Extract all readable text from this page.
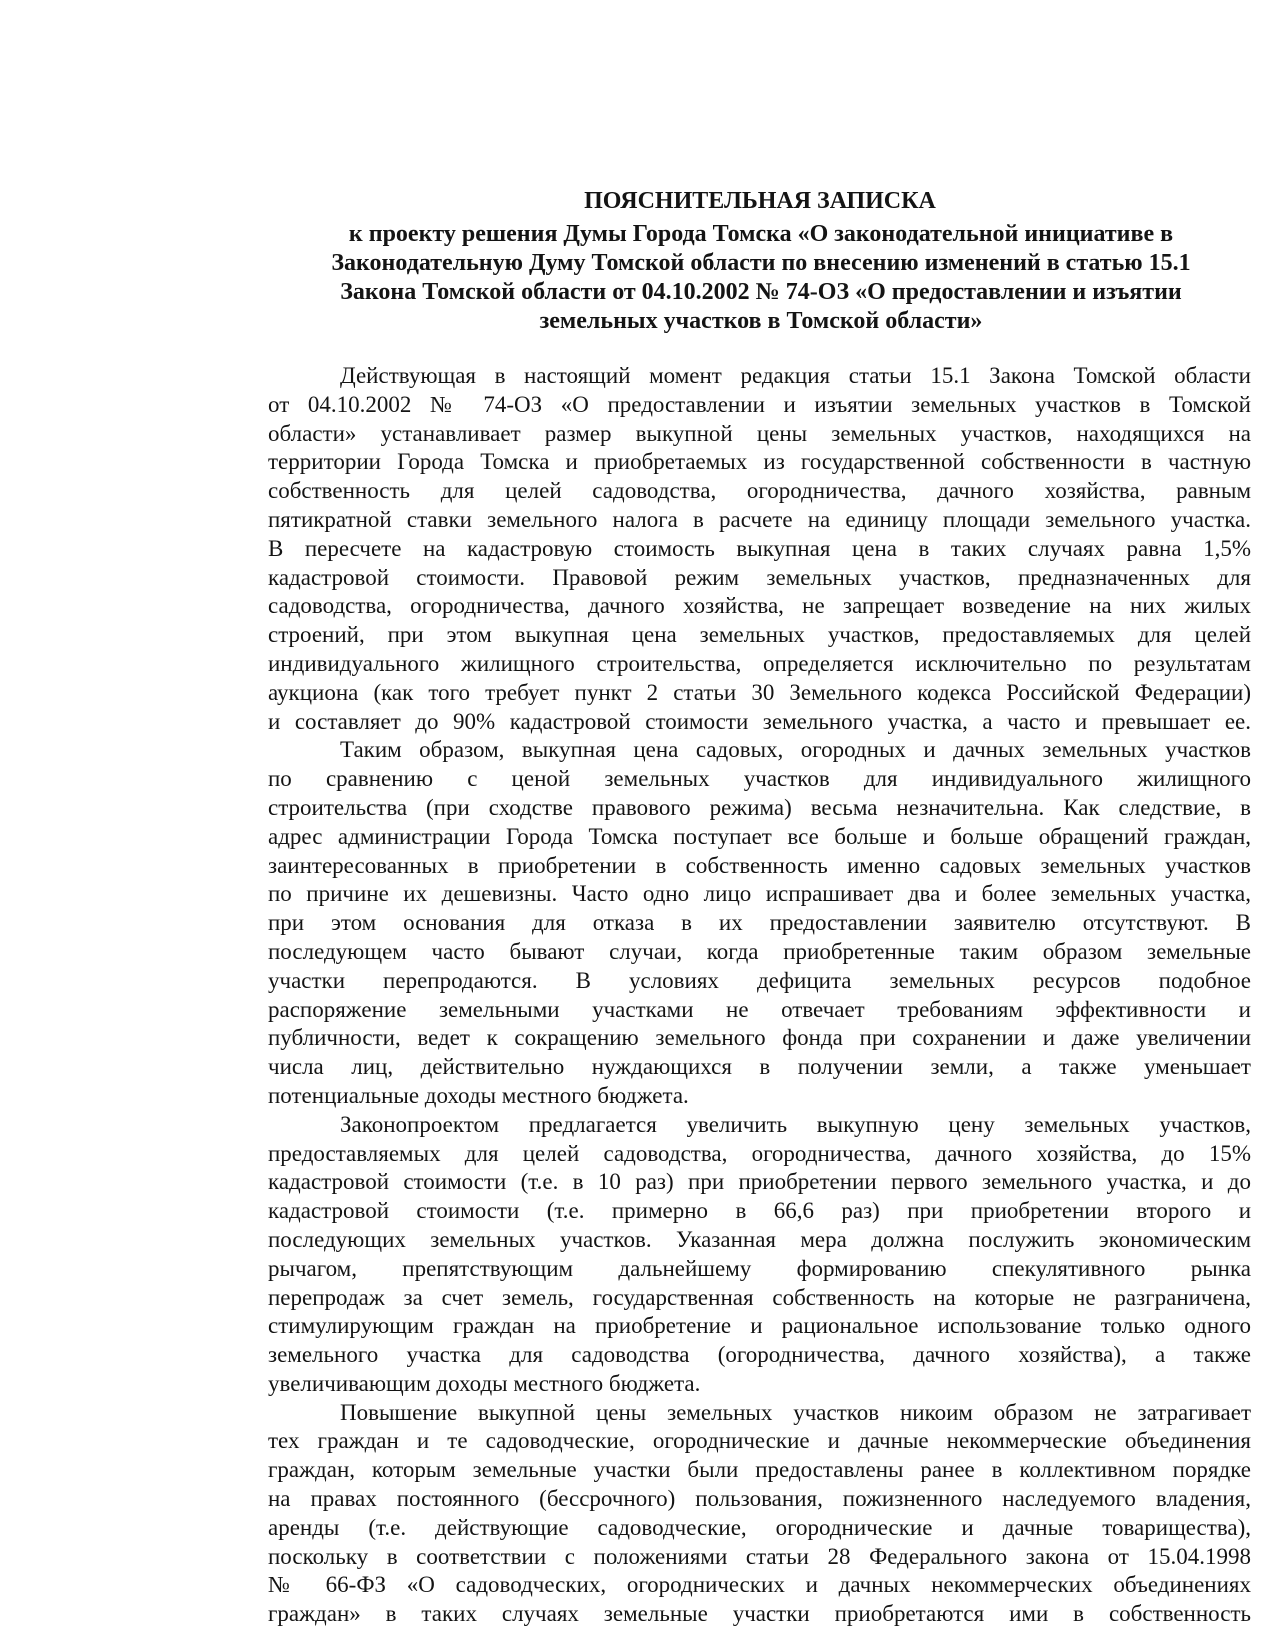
ПОЯСНИТЕЛЬНАЯ ЗАПИСКА
к проекту решения Думы Города Томска «О законодательной инициативе в
Законодательную Думу Томской области по внесению изменений в статью 15.1
Закона Томской области от 04.10.2002 № 74-ОЗ «О предоставлении и изъятии
земельных участков в Томской области»
Действующая в настоящий момент редакция статьи 15.1 Закона Томской области
от 04.10.2002 № 74-ОЗ «О предоставлении и изъятии земельных участков в Томской
области» устанавливает размер выкупной цены земельных участков, находящихся на
территории Города Томска и приобретаемых из государственной собственности в частную
собственность для целей садоводства, огородничества, дачного хозяйства, равным
пятикратной ставки земельного налога в расчете на единицу площади земельного участка.
В пересчете на кадастровую стоимость выкупная цена в таких случаях равна 1,5%
кадастровой стоимости. Правовой режим земельных участков, предназначенных для
садоводства, огородничества, дачного хозяйства, не запрещает возведение на них жилых
строений, при этом выкупная цена земельных участков, предоставляемых для целей
индивидуального жилищного строительства, определяется исключительно по результатам
аукциона (как того требует пункт 2 статьи 30 Земельного кодекса Российской Федерации)
и составляет до 90% кадастровой стоимости земельного участка, а часто и превышает ее.
Таким образом, выкупная цена садовых, огородных и дачных земельных участков
по сравнению с ценой земельных участков для индивидуального жилищного
строительства (при сходстве правового режима) весьма незначительна. Как следствие, в
адрес администрации Города Томска поступает все больше и больше обращений граждан,
заинтересованных в приобретении в собственность именно садовых земельных участков
по причине их дешевизны. Часто одно лицо испрашивает два и более земельных участка,
при этом основания для отказа в их предоставлении заявителю отсутствуют. В
последующем часто бывают случаи, когда приобретенные таким образом земельные
участки перепродаются. В условиях дефицита земельных ресурсов подобное
распоряжение земельными участками не отвечает требованиям эффективности и
публичности, ведет к сокращению земельного фонда при сохранении и даже увеличении
числа лиц, действительно нуждающихся в получении земли, а также уменьшает
потенциальные доходы местного бюджета.
Законопроектом предлагается увеличить выкупную цену земельных участков,
предоставляемых для целей садоводства, огородничества, дачного хозяйства, до 15%
кадастровой стоимости (т.е. в 10 раз) при приобретении первого земельного участка, и до
кадастровой стоимости (т.е. примерно в 66,6 раз) при приобретении второго и
последующих земельных участков. Указанная мера должна послужить экономическим
рычагом, препятствующим дальнейшему формированию спекулятивного рынка
перепродаж за счет земель, государственная собственность на которые не разграничена,
стимулирующим граждан на приобретение и рациональное использование только одного
земельного участка для садоводства (огородничества, дачного хозяйства), а также
увеличивающим доходы местного бюджета.
Повышение выкупной цены земельных участков никоим образом не затрагивает
тех граждан и те садоводческие, огороднические и дачные некоммерческие объединения
граждан, которым земельные участки были предоставлены ранее в коллективном порядке
на правах постоянного (бессрочного) пользования, пожизненного наследуемого владения,
аренды (т.е. действующие садоводческие, огороднические и дачные товарищества),
поскольку в соответствии с положениями статьи 28 Федерального закона от 15.04.1998
№ 66-ФЗ «О садоводческих, огороднических и дачных некоммерческих объединениях
граждан» в таких случаях земельные участки приобретаются ими в собственность
